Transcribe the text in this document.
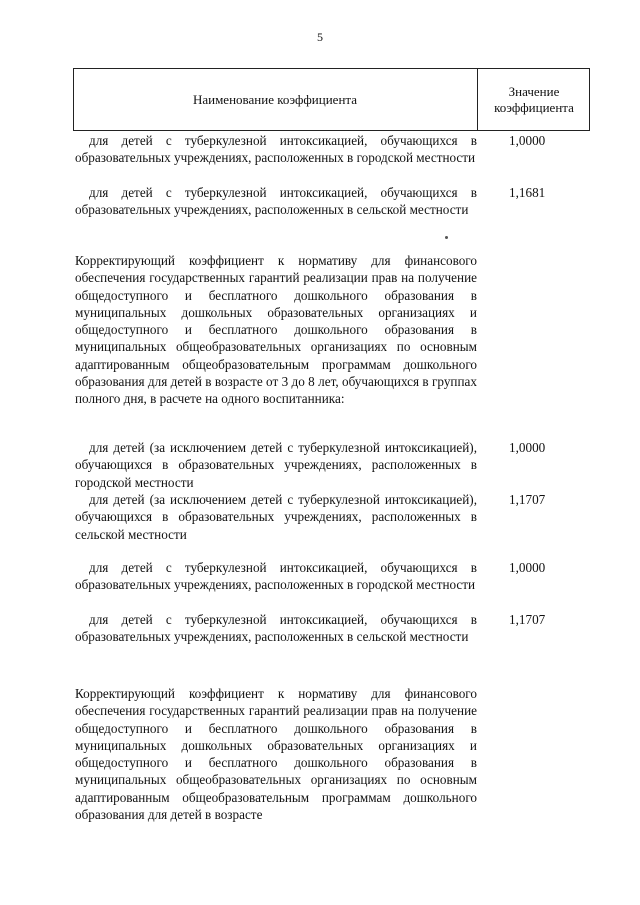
5
Наименование коэффициента
Значение коэффициента
для детей с туберкулезной интоксикацией, обучающихся в образовательных учреждениях, расположенных в городской местности
1,0000
для детей с туберкулезной интоксикацией, обучающихся в образовательных учреждениях, расположенных в сельской местности
1,1681
Корректирующий коэффициент к нормативу для финансового обеспечения государственных гарантий реализации прав на получение общедоступного и бесплатного дошкольного образования в муниципальных дошкольных образовательных организациях и общедоступного и бесплатного дошкольного образования в муниципальных общеобразовательных организациях по основным адаптированным общеобразовательным программам дошкольного образования для детей в возрасте от 3 до 8 лет, обучающихся в группах полного дня, в расчете на одного воспитанника:
для детей (за исключением детей с туберкулезной интоксикацией), обучающихся в образовательных учреждениях, расположенных в городской местности
1,0000
для детей (за исключением детей с туберкулезной интоксикацией), обучающихся в образовательных учреждениях, расположенных в сельской местности
1,1707
для детей с туберкулезной интоксикацией, обучающихся в образовательных учреждениях, расположенных в городской местности
1,0000
для детей с туберкулезной интоксикацией, обучающихся в образовательных учреждениях, расположенных в сельской местности
1,1707
Корректирующий коэффициент к нормативу для финансового обеспечения государственных гарантий реализации прав на получение общедоступного и бесплатного дошкольного образования в муниципальных дошкольных образовательных организациях и общедоступного и бесплатного дошкольного образования в муниципальных общеобразовательных организациях по основным адаптированным общеобразовательным программам дошкольного образования для детей в возрасте
